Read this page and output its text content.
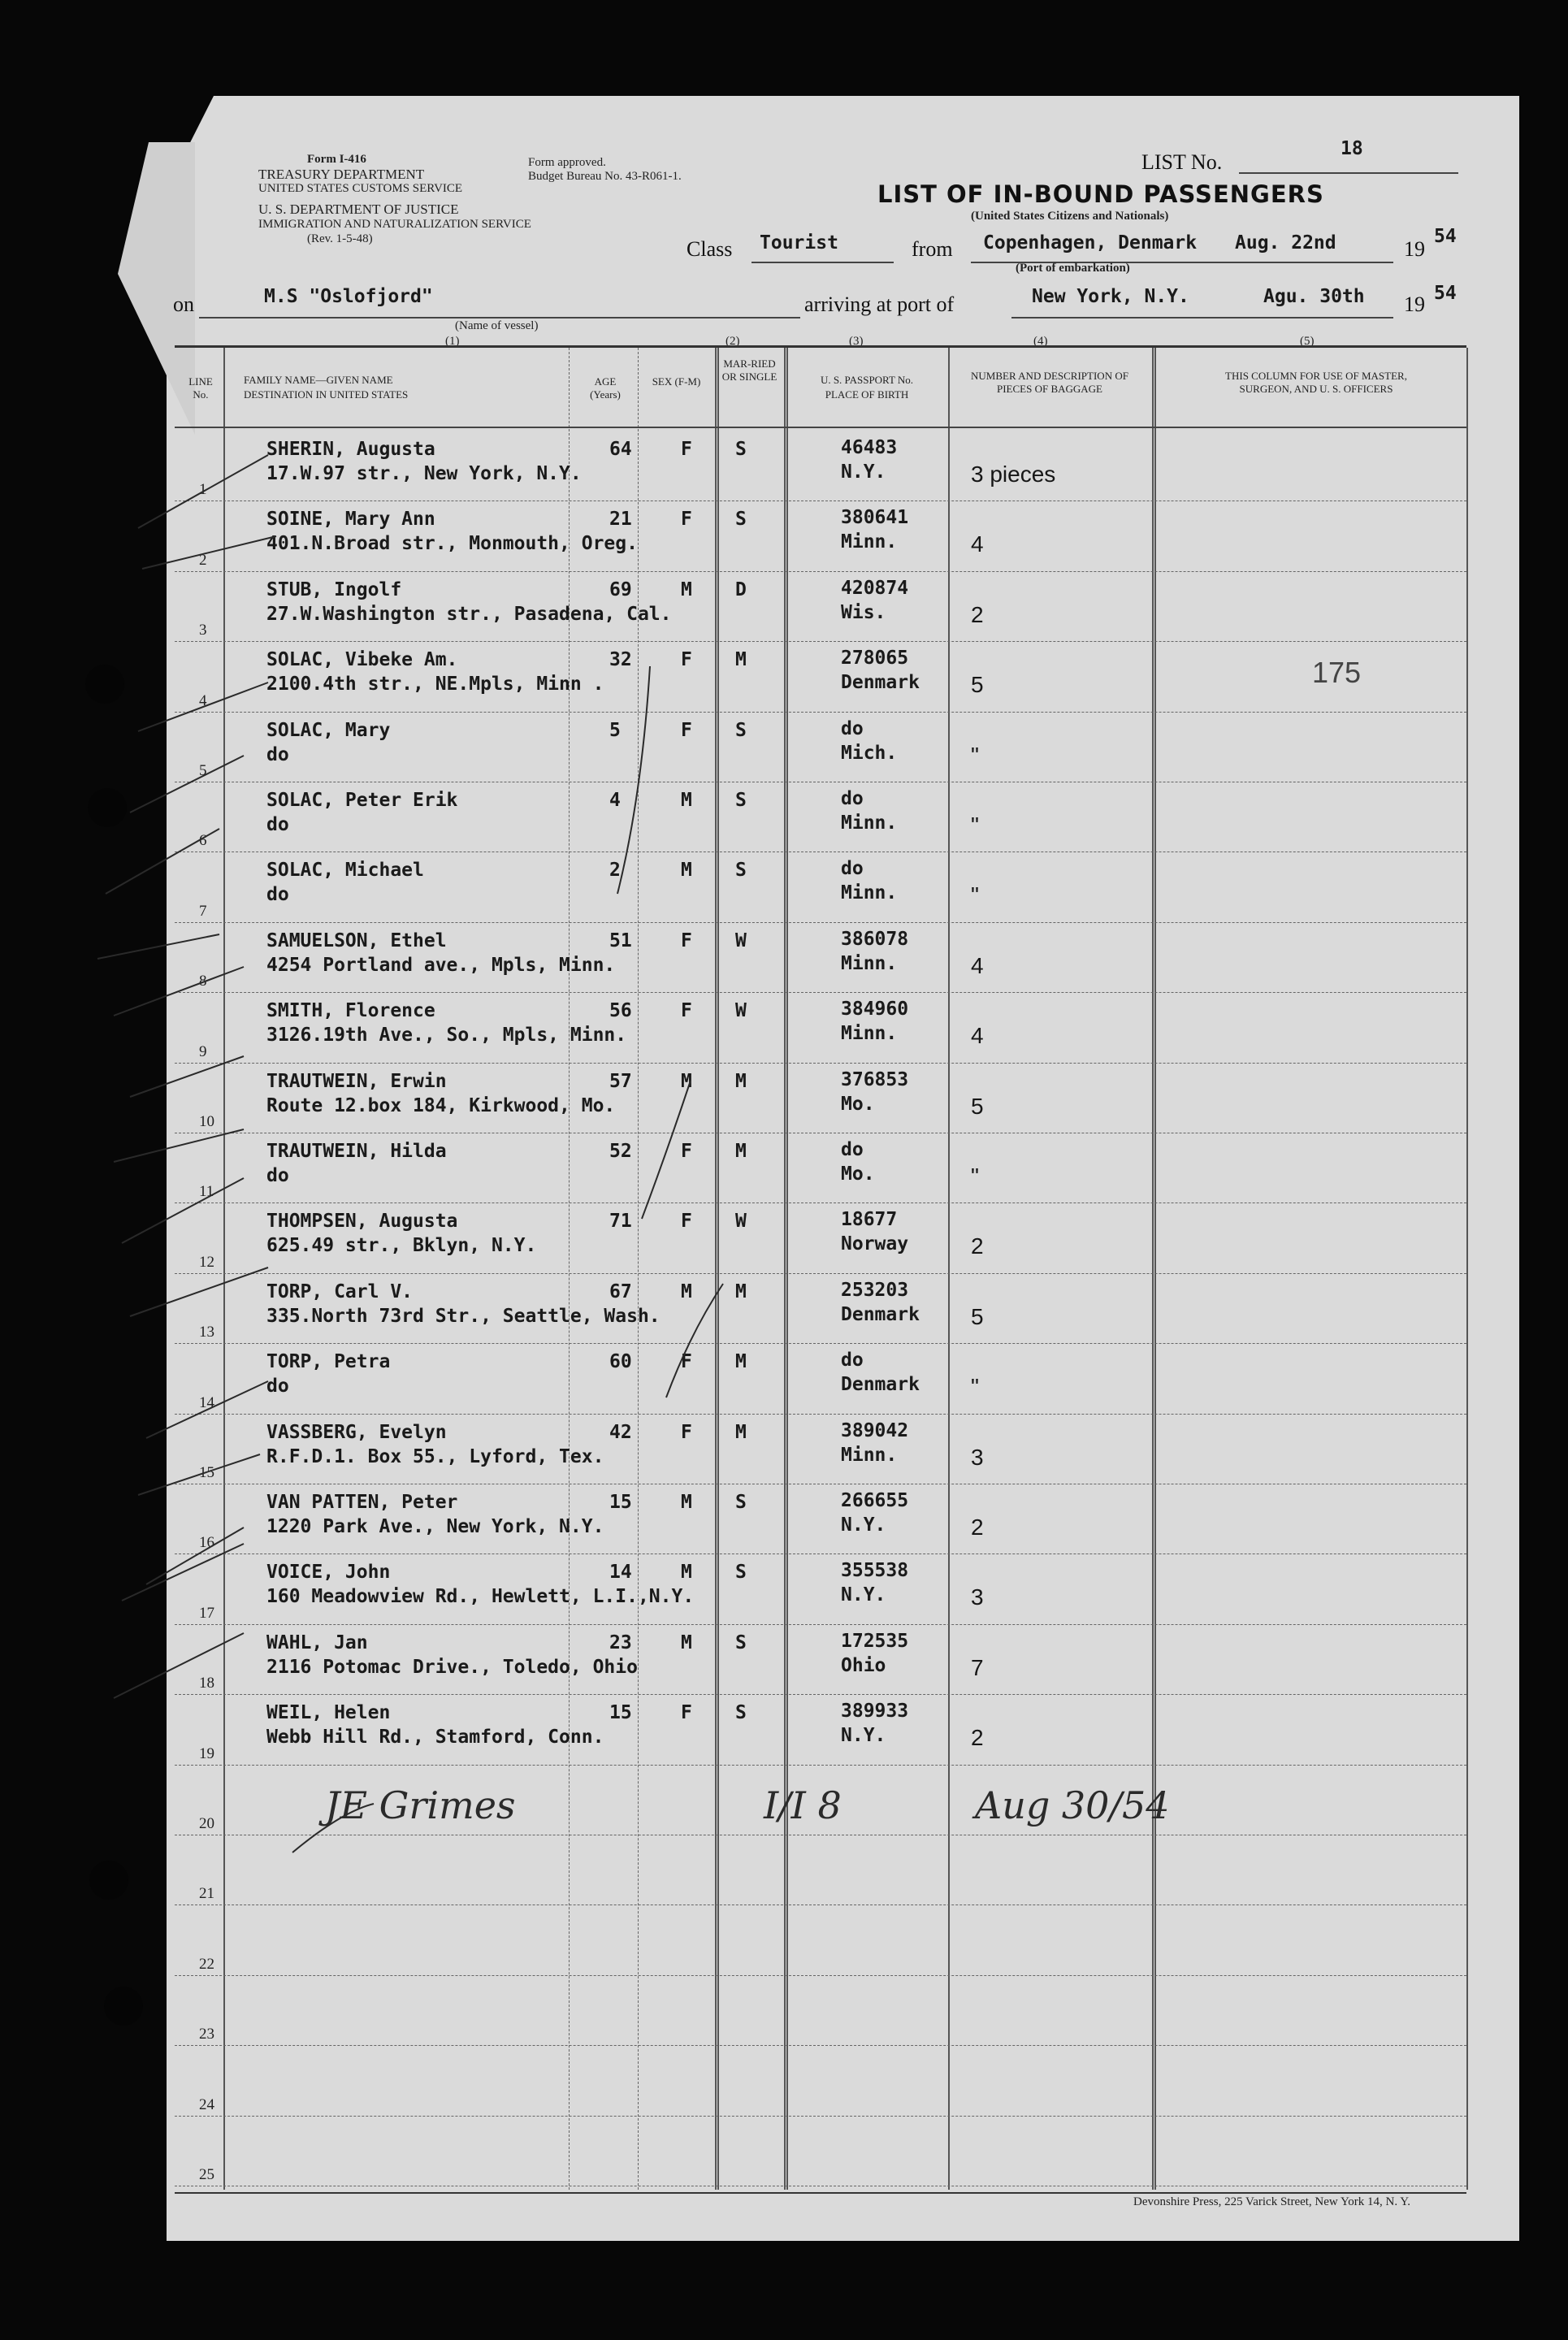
Form I-416
TREASURY DEPARTMENT
UNITED STATES CUSTOMS SERVICE
U. S. DEPARTMENT OF JUSTICE
IMMIGRATION AND NATURALIZATION SERVICE
(Rev. 1-5-48)
Form approved.
Budget Bureau No. 43-R061-1.
LIST No.
18
LIST OF IN-BOUND PASSENGERS
(United States Citizens and Nationals)
Class Tourist	from Copenhagen, Denmark Aug. 22nd	19
54
(Port of embarkation)
on	M.S "Oslofjord"
(Name of vessel)
arriving at port of	New York, N.Y.	Agu. 30th 19 54
(1)	(2)	(3)	(4)	(5)
LINE No.
FAMILY NAME—GIVEN NAME
DESTINATION IN UNITED STATES
AGE (Years)
SEX (F-M)
MAR-RIED OR SINGLE	U. S. PASSPORT No.
PLACE OF BIRTH
NUMBER AND DESCRIPTION OF PIECES OF BAGGAGE
THIS COLUMN FOR USE OF MASTER, SURGEON, AND U. S. OFFICERS
1
SHERIN, Augusta
17.W.97 str., New York, N.Y.
64	F S	46483
N.Y.	3 pieces
2
SOINE, Mary Ann
401.N.Broad str., Monmouth, Oreg.
21	F S	380641
Minn.	4
3
STUB, Ingolf
27.W.Washington str., Pasadena, Cal.
69	M D	420874
Wis.	2
4
SOLAC, Vibeke Am.
2100.4th str., NE.Mpls, Minn .
32	F M	278065
Denmark 5	175
5
SOLAC, Mary
do
5	F S	do
Mich.	"
6
SOLAC, Peter Erik
do
4	M S	do
Minn.	"
7
SOLAC, Michael
do
2	M S	do
Minn.	"
8
SAMUELSON, Ethel
4254 Portland ave., Mpls, Minn.
51	F W	386078
Minn.	4
9
SMITH, Florence
3126.19th Ave., So., Mpls, Minn.
56	F W	384960
Minn.	4
10
TRAUTWEIN, Erwin
Route 12.box 184, Kirkwood, Mo.
57	M M	376853
Mo.	5
11
TRAUTWEIN, Hilda
do
52	F M	do
Mo.	"
12
THOMPSEN, Augusta
625.49 str., Bklyn, N.Y.
71	F W	18677
Norway	2
13
TORP, Carl V.
335.North 73rd Str., Seattle, Wash.
67	M M	253203
Denmark 5
14
TORP, Petra
do
60	F M	do
Denmark "
15
VASSBERG, Evelyn
R.F.D.1. Box 55., Lyford, Tex.
42	F M	389042
Minn.	3
16
VAN PATTEN, Peter
1220 Park Ave., New York, N.Y.
15	M S	266655
N.Y.	2
17
VOICE, John
160 Meadowview Rd., Hewlett, L.I.,N.Y.
14	M S	355538
N.Y.	3
18
WAHL, Jan
2116 Potomac Drive., Toledo, Ohio
23	M S	172535
Ohio	7
19
WEIL, Helen
Webb Hill Rd., Stamford, Conn.
15	F S	389933
N.Y.	2
20
21
22
23
24
25
JE Grimes	I/I 8	Aug 30/54
Devonshire Press, 225 Varick Street, New York 14, N. Y.
